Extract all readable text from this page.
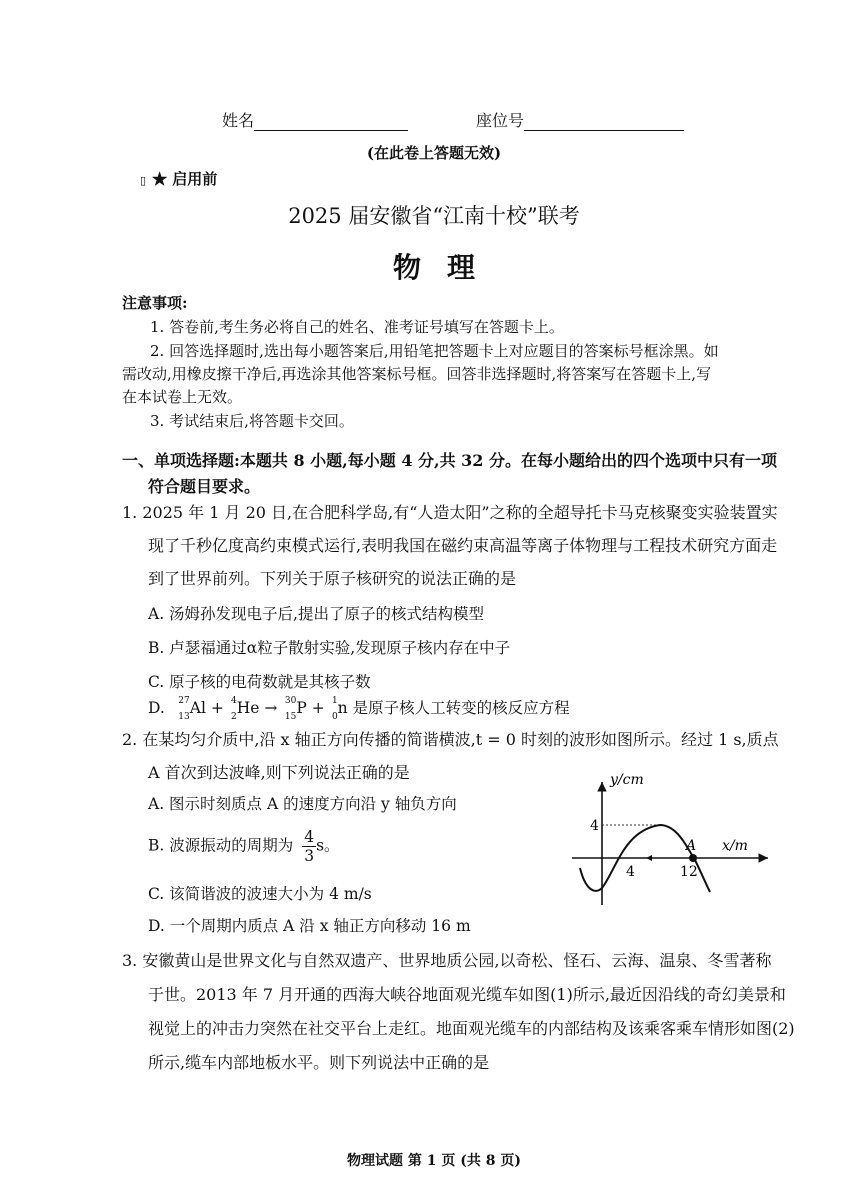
姓名	座位号
(在此卷上答题无效)
▯ ★ 启用前
2025 届安徽省“江南十校”联考
物理
注意事项:
1. 答卷前,考生务必将自己的姓名、准考证号填写在答题卡上。
2. 回答选择题时,选出每小题答案后,用铅笔把答题卡上对应题目的答案标号框涂黑。如
需改动,用橡皮擦干净后,再选涂其他答案标号框。回答非选择题时,将答案写在答题卡上,写
在本试卷上无效。
3. 考试结束后,将答题卡交回。
一、单项选择题:本题共 8 小题,每小题 4 分,共 32 分。在每小题给出的四个选项中只有一项
符合题目要求。
1. 2025 年 1 月 20 日,在合肥科学岛,有“人造太阳”之称的全超导托卡马克核聚变实验装置实
现了千秒亿度高约束模式运行,表明我国在磁约束高温等离子体物理与工程技术研究方面走
到了世界前列。下列关于原子核研究的说法正确的是
A. 汤姆孙发现电子后,提出了原子的核式结构模型
B. 卢瑟福通过α粒子散射实验,发现原子核内存在中子
C. 原子核的电荷数就是其核子数
D. 27
13 Al + 4
2 He → 30
15 P + 1
0 n 是原子核人工转变的核反应方程
2. 在某均匀介质中,沿 x 轴正方向传播的简谐横波,t = 0 时刻的波形如图所示。经过 1 s,质点
A 首次到达波峰,则下列说法正确的是
A. 图示时刻质点 A 的速度方向沿 y 轴负方向
B. 波源振动的周期为 $\frac{4}{3}$ s。
C. 该简谐波的波速大小为 4 m/s
D. 一个周期内质点 A 沿 x 轴正方向移动 16 m
y/cm
x/m
4
4	12
A
3. 安徽黄山是世界文化与自然双遗产、世界地质公园,以奇松、怪石、云海、温泉、冬雪著称
于世。2013 年 7 月开通的西海大峡谷地面观光缆车如图(1)所示,最近因沿线的奇幻美景和
视觉上的冲击力突然在社交平台上走红。地面观光缆车的内部结构及该乘客乘车情形如图(2)
所示,缆车内部地板水平。则下列说法中正确的是
物理试题 第 1 页 (共 8 页)
